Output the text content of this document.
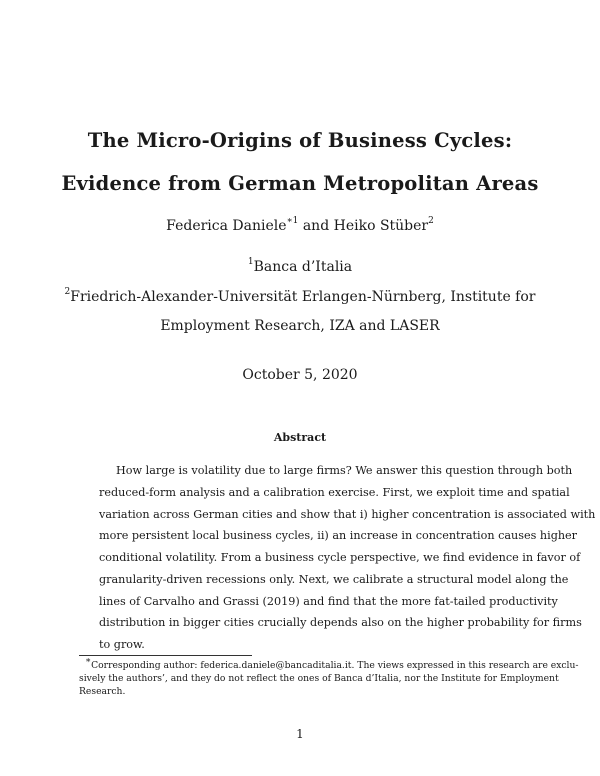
The Micro-Origins of Business Cycles:
Evidence from German Metropolitan Areas
Federica Daniele$^{∗1}$ and Heiko Stüber$^2$
$^1$Banca d’Italia
$^2$Friedrich-Alexander-Universität Erlangen-Nürnberg, Institute for
Employment Research, IZA and LASER
October 5, 2020
Abstract
How large is volatility due to large firms? We answer this question through both
reduced-form analysis and a calibration exercise. First, we exploit time and spatial
variation across German cities and show that i) higher concentration is associated with
more persistent local business cycles, ii) an increase in concentration causes higher
conditional volatility. From a business cycle perspective, we find evidence in favor of
granularity-driven recessions only. Next, we calibrate a structural model along the
lines of Carvalho and Grassi (2019) and find that the more fat-tailed productivity
distribution in bigger cities crucially depends also on the higher probability for firms
to grow.
∗Corresponding author: federica.daniele@bancaditalia.it. The views expressed in this research are exclu-
sively the authors’, and they do not reflect the ones of Banca d’Italia, nor the Institute for Employment
Research.
1
